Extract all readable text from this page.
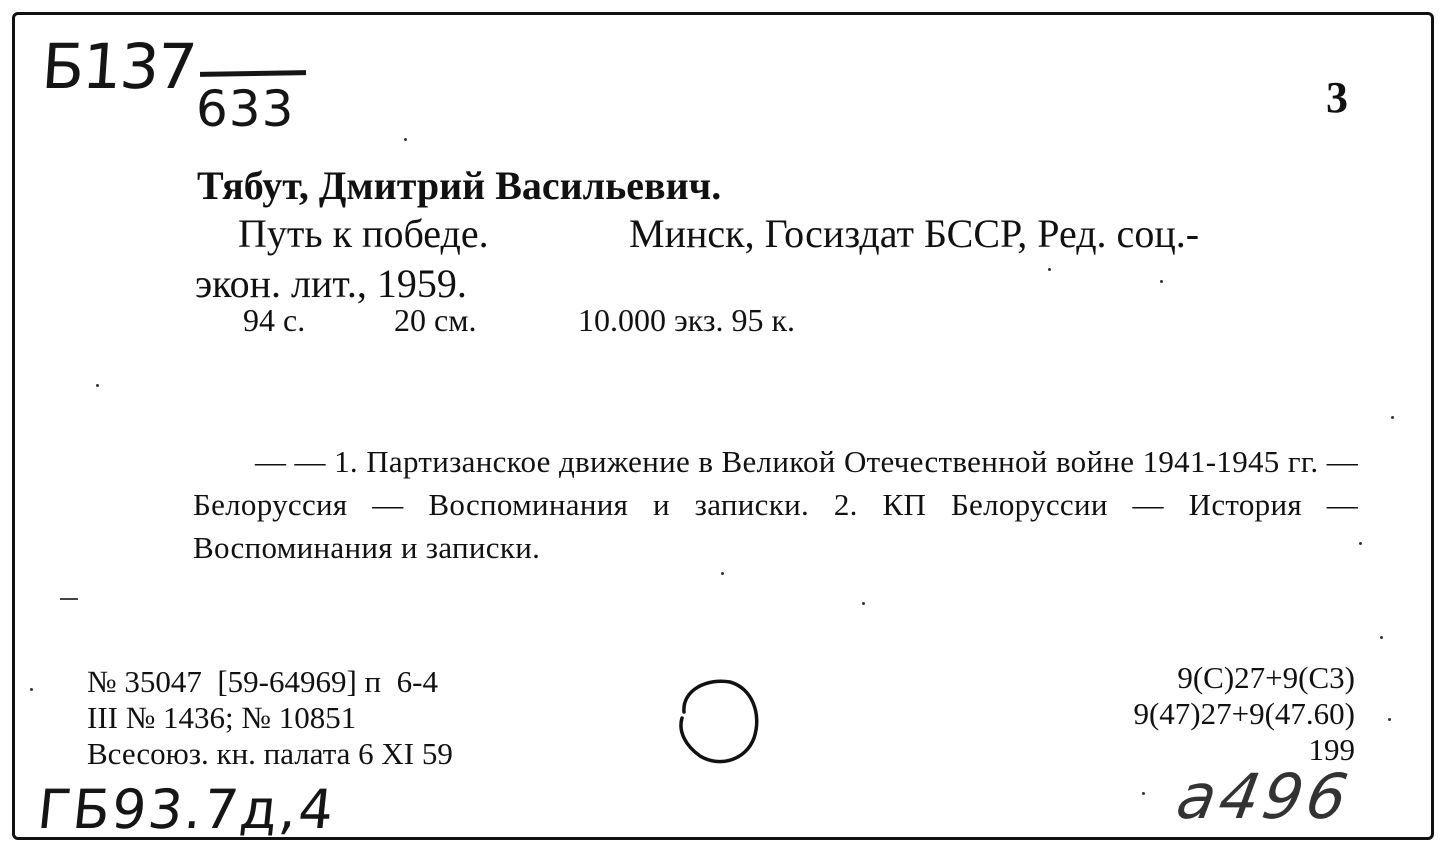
Б137
633	3
Тябут, Дмитрий Васильевич.
Путь к победе.	Минск, Госиздат БССР, Ред. соц.-
экон. лит., 1959.
94 с.	20 см.	10.000 экз. 95 к.
— — 1. Партизанское движение в Великой Отечественной войне 1941-1945 гг. — Белоруссия — Воспоминания и записки. 2. КП Белоруссии — История — Воспоминания и записки.
№ 35047  [59-64969] п  6-4
III № 1436; № 10851
Всесоюз. кн. палата 6 XI 59
9(С)27+9(С3)
9(47)27+9(47.60)
199
ГБ93.7д,4	а496
